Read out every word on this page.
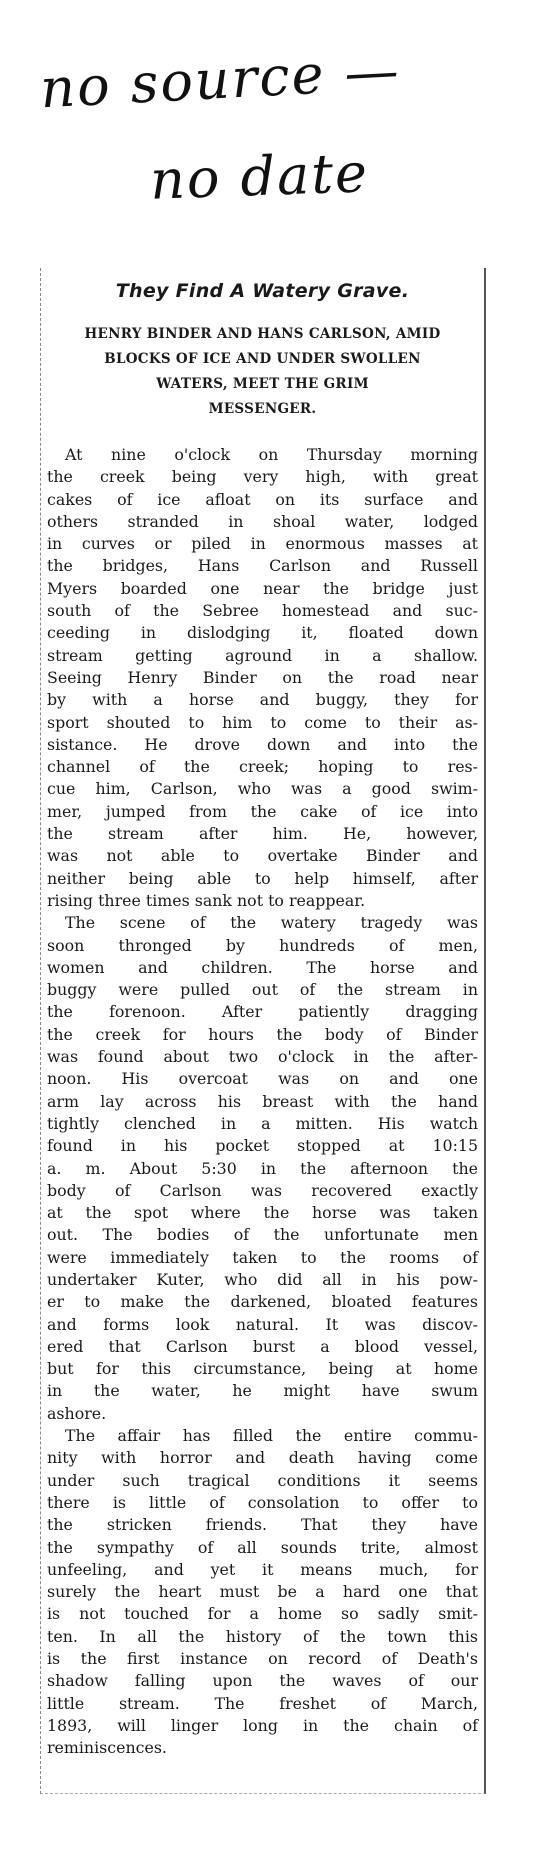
no source —
no date
They Find A Watery Grave.
HENRY BINDER AND HANS CARLSON, AMID
BLOCKS OF ICE AND UNDER SWOLLEN
WATERS, MEET THE GRIM
MESSENGER.
At nine o'clock on Thursday morning
the creek being very high, with great
cakes of ice afloat on its surface and
others stranded in shoal water, lodged
in curves or piled in enormous masses at
the bridges, Hans Carlson and Russell
Myers boarded one near the bridge just
south of the Sebree homestead and suc-
ceeding in dislodging it, floated down
stream getting aground in a shallow.
Seeing Henry Binder on the road near
by with a horse and buggy, they for
sport shouted to him to come to their as-
sistance. He drove down and into the
channel of the creek; hoping to res-
cue him, Carlson, who was a good swim-
mer, jumped from the cake of ice into
the stream after him. He, however,
was not able to overtake Binder and
neither being able to help himself, after
rising three times sank not to reappear.
The scene of the watery tragedy was
soon thronged by hundreds of men,
women and children. The horse and
buggy were pulled out of the stream in
the forenoon. After patiently dragging
the creek for hours the body of Binder
was found about two o'clock in the after-
noon. His overcoat was on and one
arm lay across his breast with the hand
tightly clenched in a mitten. His watch
found in his pocket stopped at 10:15
a. m. About 5:30 in the afternoon the
body of Carlson was recovered exactly
at the spot where the horse was taken
out. The bodies of the unfortunate men
were immediately taken to the rooms of
undertaker Kuter, who did all in his pow-
er to make the darkened, bloated features
and forms look natural. It was discov-
ered that Carlson burst a blood vessel,
but for this circumstance, being at home
in the water, he might have swum
ashore.
The affair has filled the entire commu-
nity with horror and death having come
under such tragical conditions it seems
there is little of consolation to offer to
the stricken friends. That they have
the sympathy of all sounds trite, almost
unfeeling, and yet it means much, for
surely the heart must be a hard one that
is not touched for a home so sadly smit-
ten. In all the history of the town this
is the first instance on record of Death's
shadow falling upon the waves of our
little stream. The freshet of March,
1893, will linger long in the chain of
reminiscences.
